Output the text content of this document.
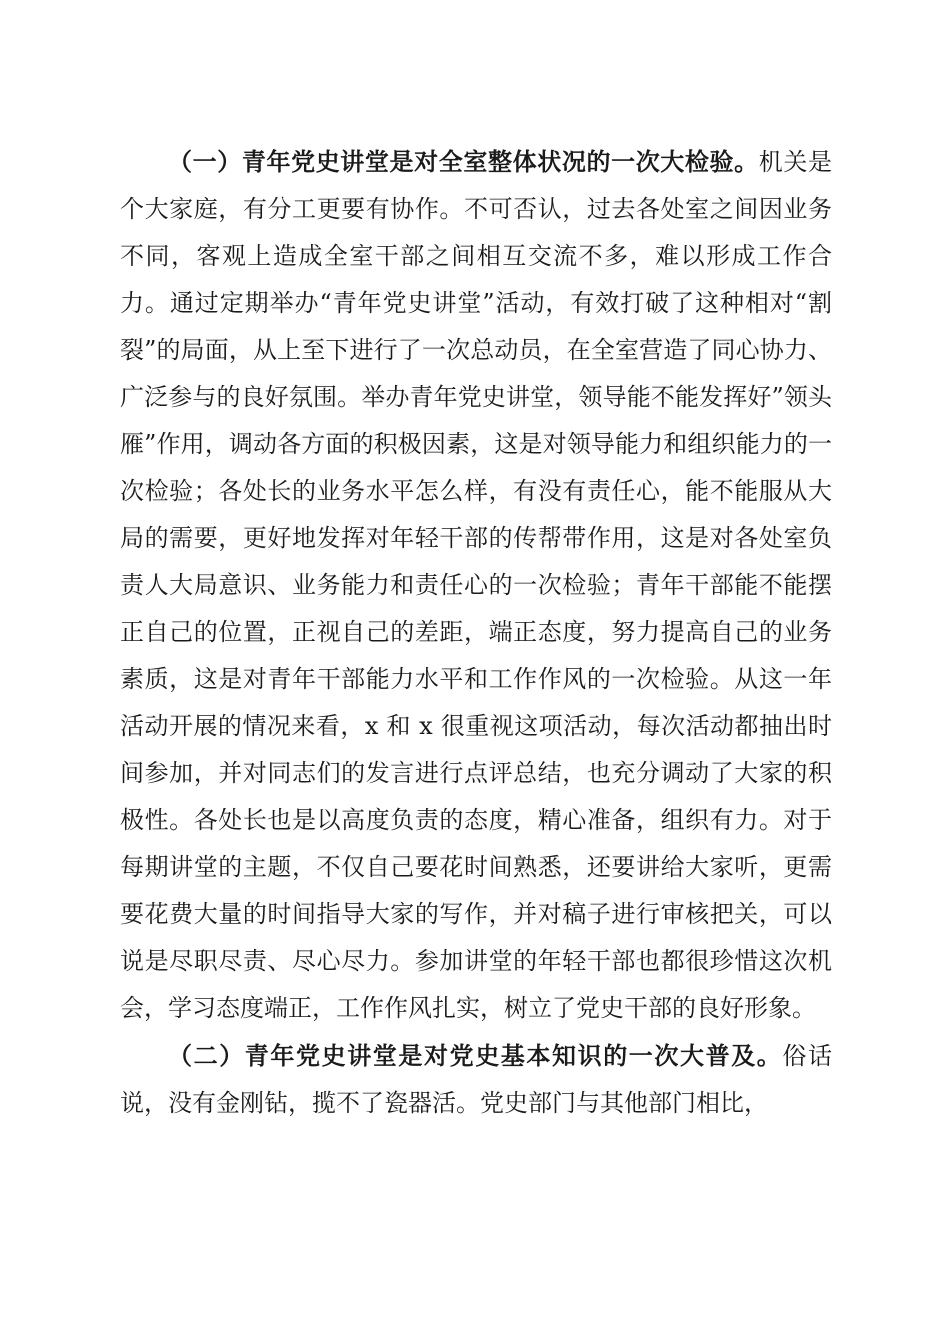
（一）青年党史讲堂是对全室整体状况的一次大检验。机关是个大家庭，有分工更要有协作。不可否认，过去各处室之间因业务不同，客观上造成全室干部之间相互交流不多，难以形成工作合力。通过定期举办“青年党史讲堂”活动，有效打破了这种相对“割裂”的局面，从上至下进行了一次总动员，在全室营造了同心协力、广泛参与的良好氛围。举办青年党史讲堂，领导能不能发挥好”领头雁”作用，调动各方面的积极因素，这是对领导能力和组织能力的一次检验；各处长的业务水平怎么样，有没有责任心，能不能服从大局的需要，更好地发挥对年轻干部的传帮带作用，这是对各处室负责人大局意识、业务能力和责任心的一次检验；青年干部能不能摆正自己的位置，正视自己的差距，端正态度，努力提高自己的业务素质，这是对青年干部能力水平和工作作风的一次检验。从这一年活动开展的情况来看，x 和 x 很重视这项活动，每次活动都抽出时间参加，并对同志们的发言进行点评总结，也充分调动了大家的积极性。各处长也是以高度负责的态度，精心准备，组织有力。对于每期讲堂的主题，不仅自己要花时间熟悉，还要讲给大家听，更需要花费大量的时间指导大家的写作，并对稿子进行审核把关，可以说是尽职尽责、尽心尽力。参加讲堂的年轻干部也都很珍惜这次机会，学习态度端正，工作作风扎实，树立了党史干部的良好形象。

（二）青年党史讲堂是对党史基本知识的一次大普及。俗话说，没有金刚钻，揽不了瓷器活。党史部门与其他部门相比，
